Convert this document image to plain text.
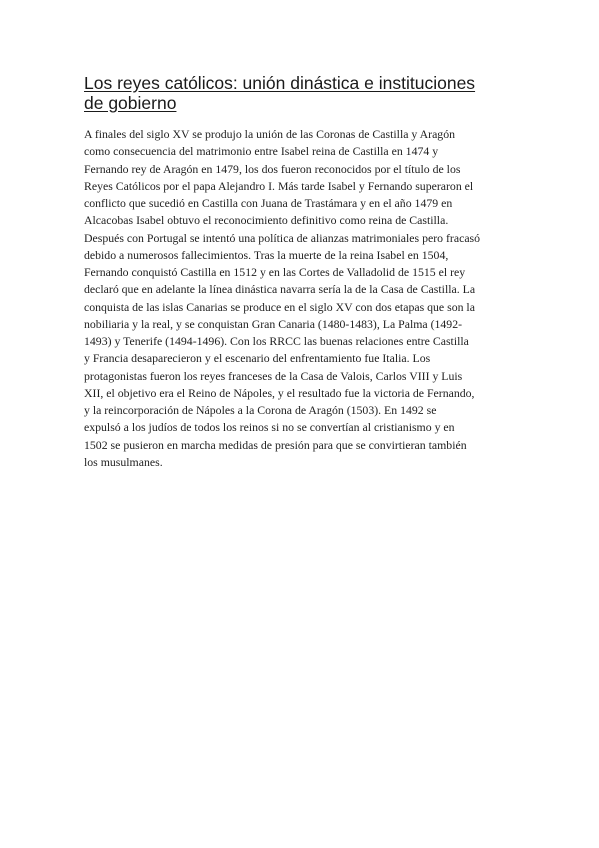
Los reyes católicos: unión dinástica e instituciones
de gobierno

A finales del siglo XV se produjo la unión de las Coronas de Castilla y Aragón
como consecuencia del matrimonio entre Isabel reina de Castilla en 1474 y
Fernando rey de Aragón en 1479, los dos fueron reconocidos por el título de los
Reyes Católicos por el papa Alejandro I. Más tarde Isabel y Fernando superaron el
conflicto que sucedió en Castilla con Juana de Trastámara y en el año 1479 en
Alcacobas Isabel obtuvo el reconocimiento definitivo como reina de Castilla.
Después con Portugal se intentó una política de alianzas matrimoniales pero fracasó
debido a numerosos fallecimientos. Tras la muerte de la reina Isabel en 1504,
Fernando conquistó Castilla en 1512 y en las Cortes de Valladolid de 1515 el rey
declaró que en adelante la línea dinástica navarra sería la de la Casa de Castilla. La
conquista de las islas Canarias se produce en el siglo XV con dos etapas que son la
nobiliaria y la real, y se conquistan Gran Canaria (1480-1483), La Palma (1492-
1493) y Tenerife (1494-1496). Con los RRCC las buenas relaciones entre Castilla
y Francia desaparecieron y el escenario del enfrentamiento fue Italia. Los
protagonistas fueron los reyes franceses de la Casa de Valois, Carlos VIII y Luis
XII, el objetivo era el Reino de Nápoles, y el resultado fue la victoria de Fernando,
y la reincorporación de Nápoles a la Corona de Aragón (1503). En 1492 se
expulsó a los judíos de todos los reinos si no se convertían al cristianismo y en
1502 se pusieron en marcha medidas de presión para que se convirtieran también
los musulmanes.
